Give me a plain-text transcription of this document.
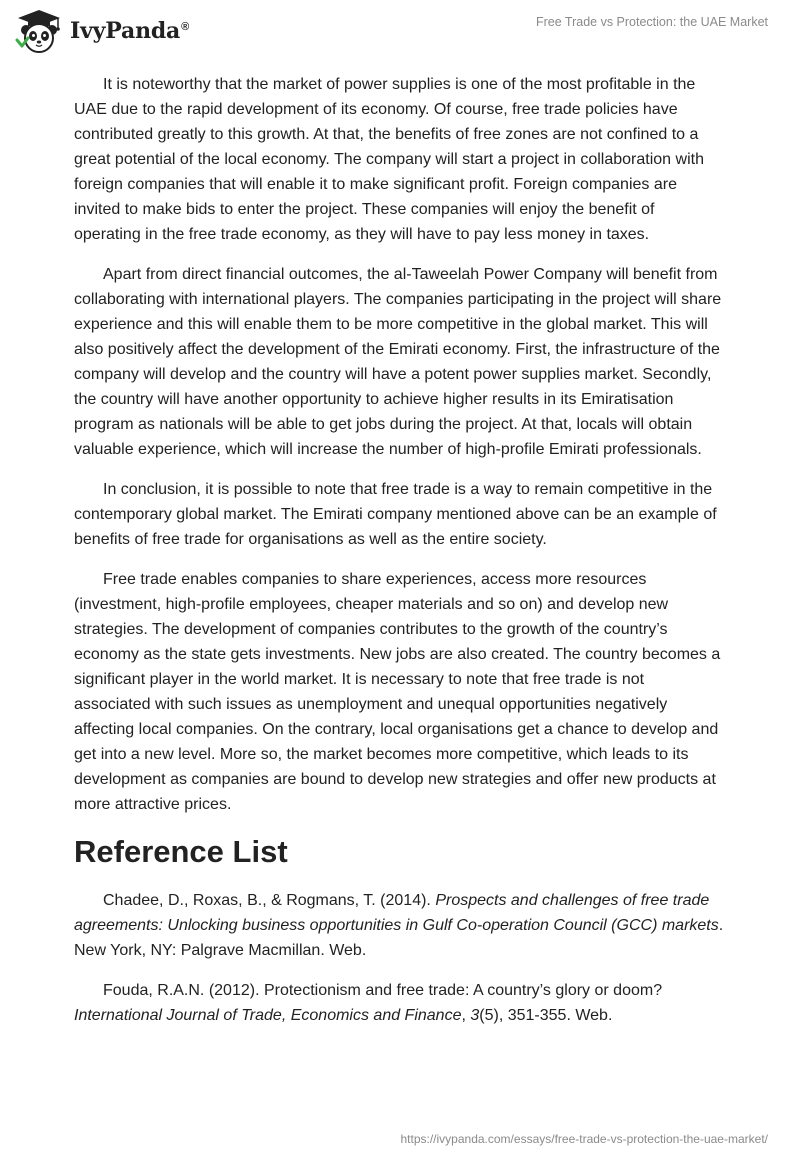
IvyPanda®	Free Trade vs Protection: the UAE Market

It is noteworthy that the market of power supplies is one of the most profitable in the UAE due to the rapid development of its economy. Of course, free trade policies have contributed greatly to this growth. At that, the benefits of free zones are not confined to a great potential of the local economy. The company will start a project in collaboration with foreign companies that will enable it to make significant profit. Foreign companies are invited to make bids to enter the project. These companies will enjoy the benefit of operating in the free trade economy, as they will have to pay less money in taxes.

Apart from direct financial outcomes, the al-Taweelah Power Company will benefit from collaborating with international players. The companies participating in the project will share experience and this will enable them to be more competitive in the global market. This will also positively affect the development of the Emirati economy. First, the infrastructure of the company will develop and the country will have a potent power supplies market. Secondly, the country will have another opportunity to achieve higher results in its Emiratisation program as nationals will be able to get jobs during the project. At that, locals will obtain valuable experience, which will increase the number of high-profile Emirati professionals.

In conclusion, it is possible to note that free trade is a way to remain competitive in the contemporary global market. The Emirati company mentioned above can be an example of benefits of free trade for organisations as well as the entire society.

Free trade enables companies to share experiences, access more resources (investment, high-profile employees, cheaper materials and so on) and develop new strategies. The development of companies contributes to the growth of the country’s economy as the state gets investments. New jobs are also created. The country becomes a significant player in the world market. It is necessary to note that free trade is not associated with such issues as unemployment and unequal opportunities negatively affecting local companies. On the contrary, local organisations get a chance to develop and get into a new level. More so, the market becomes more competitive, which leads to its development as companies are bound to develop new strategies and offer new products at more attractive prices.

Reference List

Chadee, D., Roxas, B., & Rogmans, T. (2014). Prospects and challenges of free trade agreements: Unlocking business opportunities in Gulf Co-operation Council (GCC) markets. New York, NY: Palgrave Macmillan. Web.

Fouda, R.A.N. (2012). Protectionism and free trade: A country’s glory or doom? International Journal of Trade, Economics and Finance, 3(5), 351-355. Web.

https://ivypanda.com/essays/free-trade-vs-protection-the-uae-market/
